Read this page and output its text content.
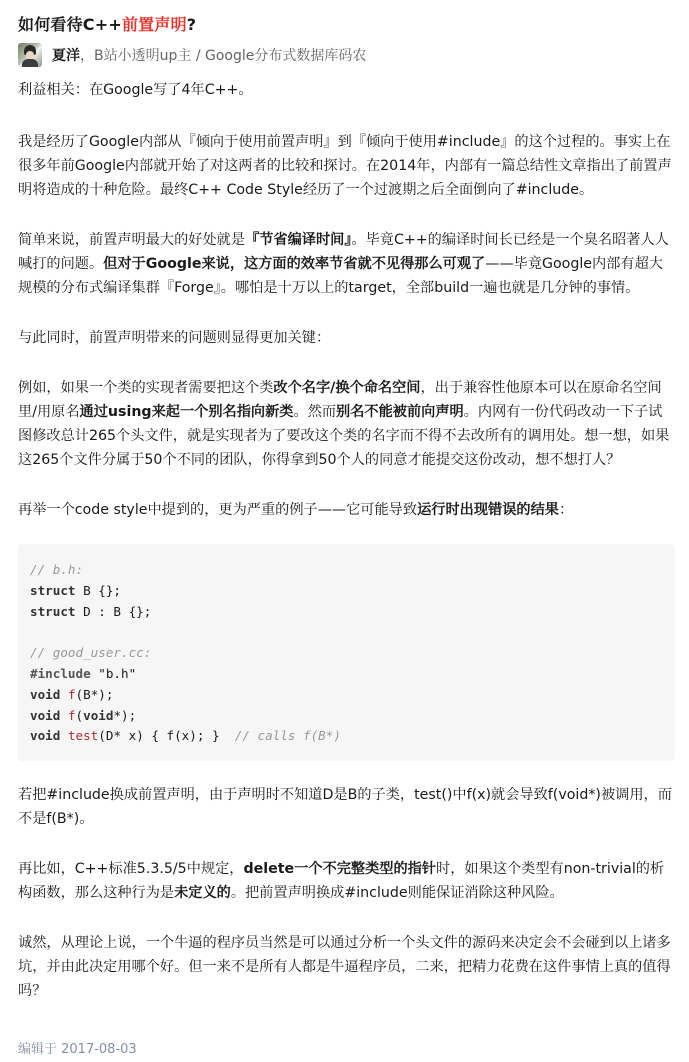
如何看待C++前置声明?
夏洋 ， B站小透明up主 / Google分布式数据库码农

利益相关：在Google写了4年C++。

我是经历了Google内部从『倾向于使用前置声明』到『倾向于使用#include』的这个过程的。事实上在很多年前Google内部就开始了对这两者的比较和探讨。在2014年，内部有一篇总结性文章指出了前置声明将造成的十种危险。最终C++ Code Style经历了一个过渡期之后全面倒向了#include。

简单来说，前置声明最大的好处就是『节省编译时间』。毕竟C++的编译时间长已经是一个臭名昭著人人喊打的问题。但对于Google来说，这方面的效率节省就不见得那么可观了——毕竟Google内部有超大规模的分布式编译集群『Forge』。哪怕是十万以上的target，全部build一遍也就是几分钟的事情。

与此同时，前置声明带来的问题则显得更加关键：

例如，如果一个类的实现者需要把这个类改个名字/换个命名空间，出于兼容性他原本可以在原命名空间里/用原名通过using来起一个别名指向新类。然而别名不能被前向声明。内网有一份代码改动一下子试图修改总计265个头文件，就是实现者为了要改这个类的名字而不得不去改所有的调用处。想一想，如果这265个文件分属于50个不同的团队，你得拿到50个人的同意才能提交这份改动，想不想打人？

再举一个code style中提到的，更为严重的例子——它可能导致运行时出现错误的结果：

// b.h:
struct B {};
struct D : B {};
// good_user.cc:
#include "b.h"
void f(B*);
void f(void*);
void test(D* x) { f(x); }  // calls f(B*)

若把#include换成前置声明，由于声明时不知道D是B的子类，test()中f(x)就会导致f(void*)被调用，而不是f(B*)。

再比如，C++标准5.3.5/5中规定，delete一个不完整类型的指针时，如果这个类型有non-trivial的析构函数，那么这种行为是未定义的。把前置声明换成#include则能保证消除这种风险。

诚然，从理论上说，一个牛逼的程序员当然是可以通过分析一个头文件的源码来决定会不会碰到以上诸多坑，并由此决定用哪个好。但一来不是所有人都是牛逼程序员，二来，把精力花费在这件事情上真的值得吗？

编辑于 2017-08-03
